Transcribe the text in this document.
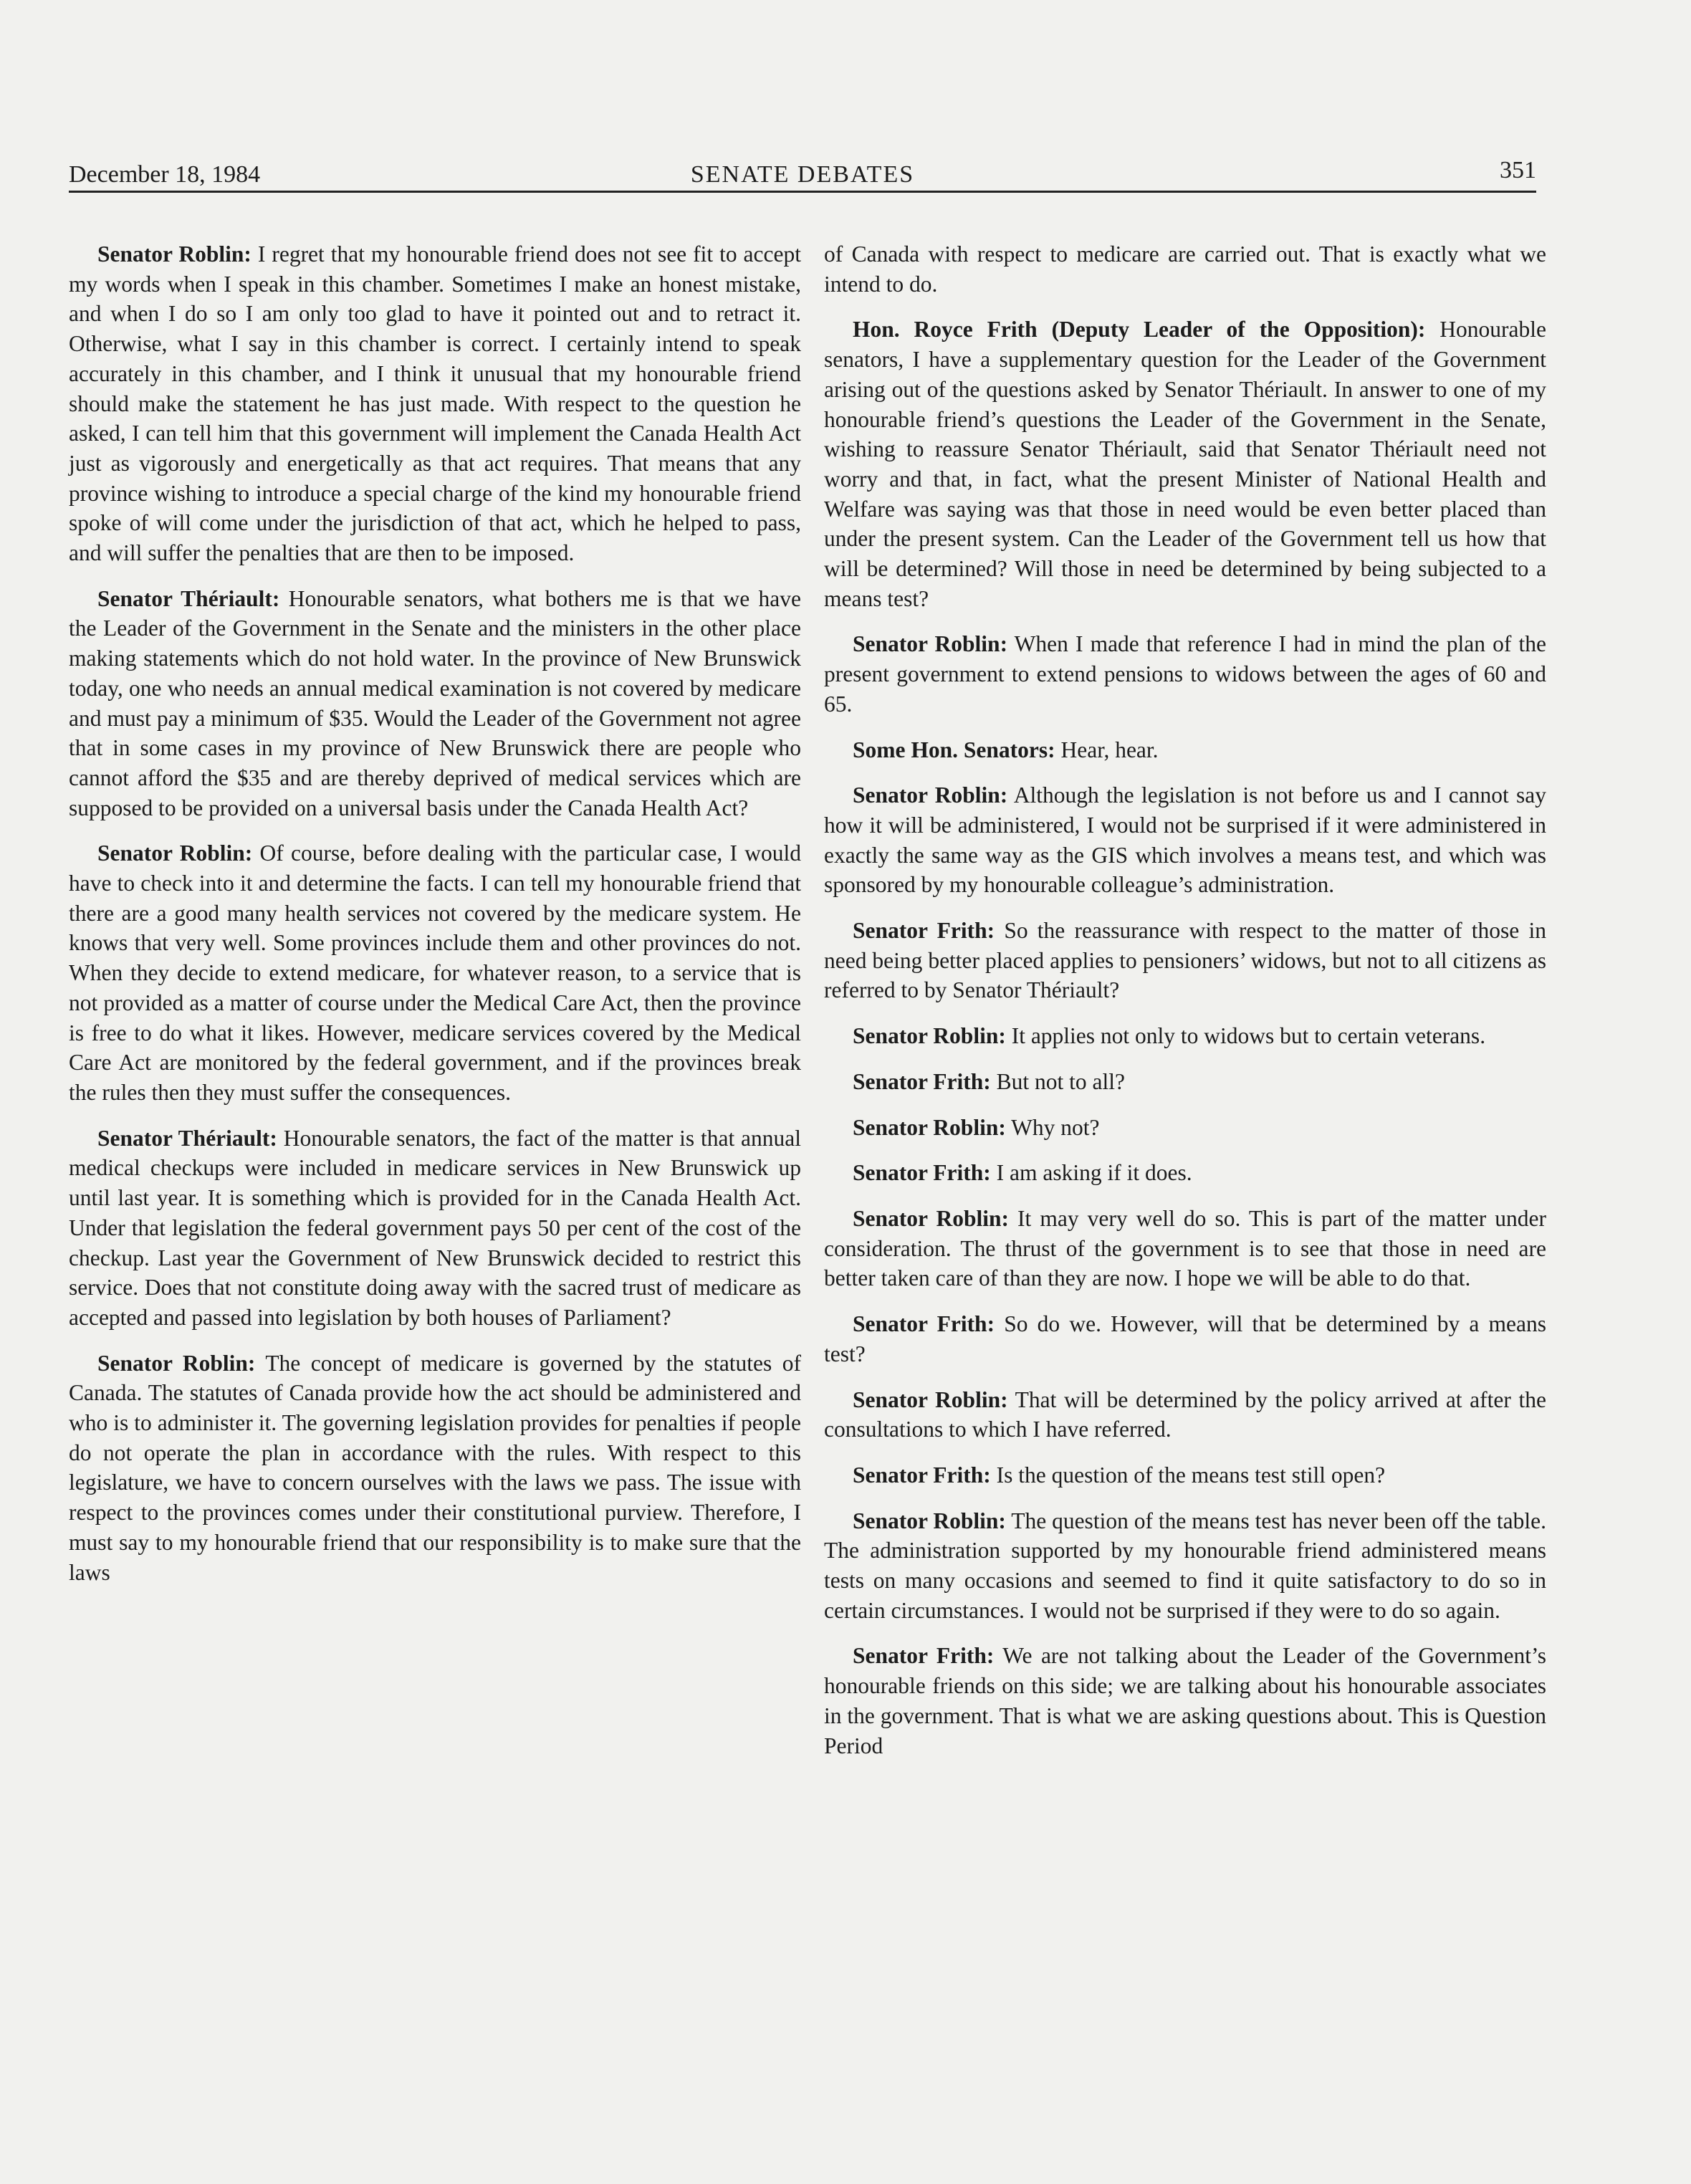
December 18, 1984	SENATE DEBATES	351

Senator Roblin: I regret that my honourable friend does not see fit to accept my words when I speak in this chamber. Sometimes I make an honest mistake, and when I do so I am only too glad to have it pointed out and to retract it. Otherwise, what I say in this chamber is correct. I certainly intend to speak accurately in this chamber, and I think it unusual that my honourable friend should make the statement he has just made. With respect to the question he asked, I can tell him that this government will implement the Canada Health Act just as vigorously and energetically as that act requires. That means that any province wishing to introduce a special charge of the kind my honourable friend spoke of will come under the jurisdiction of that act, which he helped to pass, and will suffer the penalties that are then to be imposed.

Senator Thériault: Honourable senators, what bothers me is that we have the Leader of the Government in the Senate and the ministers in the other place making statements which do not hold water. In the province of New Brunswick today, one who needs an annual medical examination is not covered by medicare and must pay a minimum of $35. Would the Leader of the Government not agree that in some cases in my province of New Brunswick there are people who cannot afford the $35 and are thereby deprived of medical services which are supposed to be provided on a universal basis under the Canada Health Act?

Senator Roblin: Of course, before dealing with the particular case, I would have to check into it and determine the facts. I can tell my honourable friend that there are a good many health services not covered by the medicare system. He knows that very well. Some provinces include them and other provinces do not. When they decide to extend medicare, for whatever reason, to a service that is not provided as a matter of course under the Medical Care Act, then the province is free to do what it likes. However, medicare services covered by the Medical Care Act are monitored by the federal government, and if the provinces break the rules then they must suffer the consequences.

Senator Thériault: Honourable senators, the fact of the matter is that annual medical checkups were included in medicare services in New Brunswick up until last year. It is something which is provided for in the Canada Health Act. Under that legislation the federal government pays 50 per cent of the cost of the checkup. Last year the Government of New Brunswick decided to restrict this service. Does that not constitute doing away with the sacred trust of medicare as accepted and passed into legislation by both houses of Parliament?

Senator Roblin: The concept of medicare is governed by the statutes of Canada. The statutes of Canada provide how the act should be administered and who is to administer it. The governing legislation provides for penalties if people do not operate the plan in accordance with the rules. With respect to this legislature, we have to concern ourselves with the laws we pass. The issue with respect to the provinces comes under their constitutional purview. Therefore, I must say to my honourable friend that our responsibility is to make sure that the laws

of Canada with respect to medicare are carried out. That is exactly what we intend to do.

Hon. Royce Frith (Deputy Leader of the Opposition): Honourable senators, I have a supplementary question for the Leader of the Government arising out of the questions asked by Senator Thériault. In answer to one of my honourable friend’s questions the Leader of the Government in the Senate, wishing to reassure Senator Thériault, said that Senator Thériault need not worry and that, in fact, what the present Minister of National Health and Welfare was saying was that those in need would be even better placed than under the present system. Can the Leader of the Government tell us how that will be determined? Will those in need be determined by being subjected to a means test?

Senator Roblin: When I made that reference I had in mind the plan of the present government to extend pensions to widows between the ages of 60 and 65.

Some Hon. Senators: Hear, hear.

Senator Roblin: Although the legislation is not before us and I cannot say how it will be administered, I would not be surprised if it were administered in exactly the same way as the GIS which involves a means test, and which was sponsored by my honourable colleague’s administration.

Senator Frith: So the reassurance with respect to the matter of those in need being better placed applies to pensioners’ widows, but not to all citizens as referred to by Senator Thériault?

Senator Roblin: It applies not only to widows but to certain veterans.

Senator Frith: But not to all?

Senator Roblin: Why not?

Senator Frith: I am asking if it does.

Senator Roblin: It may very well do so. This is part of the matter under consideration. The thrust of the government is to see that those in need are better taken care of than they are now. I hope we will be able to do that.

Senator Frith: So do we. However, will that be determined by a means test?

Senator Roblin: That will be determined by the policy arrived at after the consultations to which I have referred.

Senator Frith: Is the question of the means test still open?

Senator Roblin: The question of the means test has never been off the table. The administration supported by my honourable friend administered means tests on many occasions and seemed to find it quite satisfactory to do so in certain circumstances. I would not be surprised if they were to do so again.

Senator Frith: We are not talking about the Leader of the Government’s honourable friends on this side; we are talking about his honourable associates in the government. That is what we are asking questions about. This is Question Period
